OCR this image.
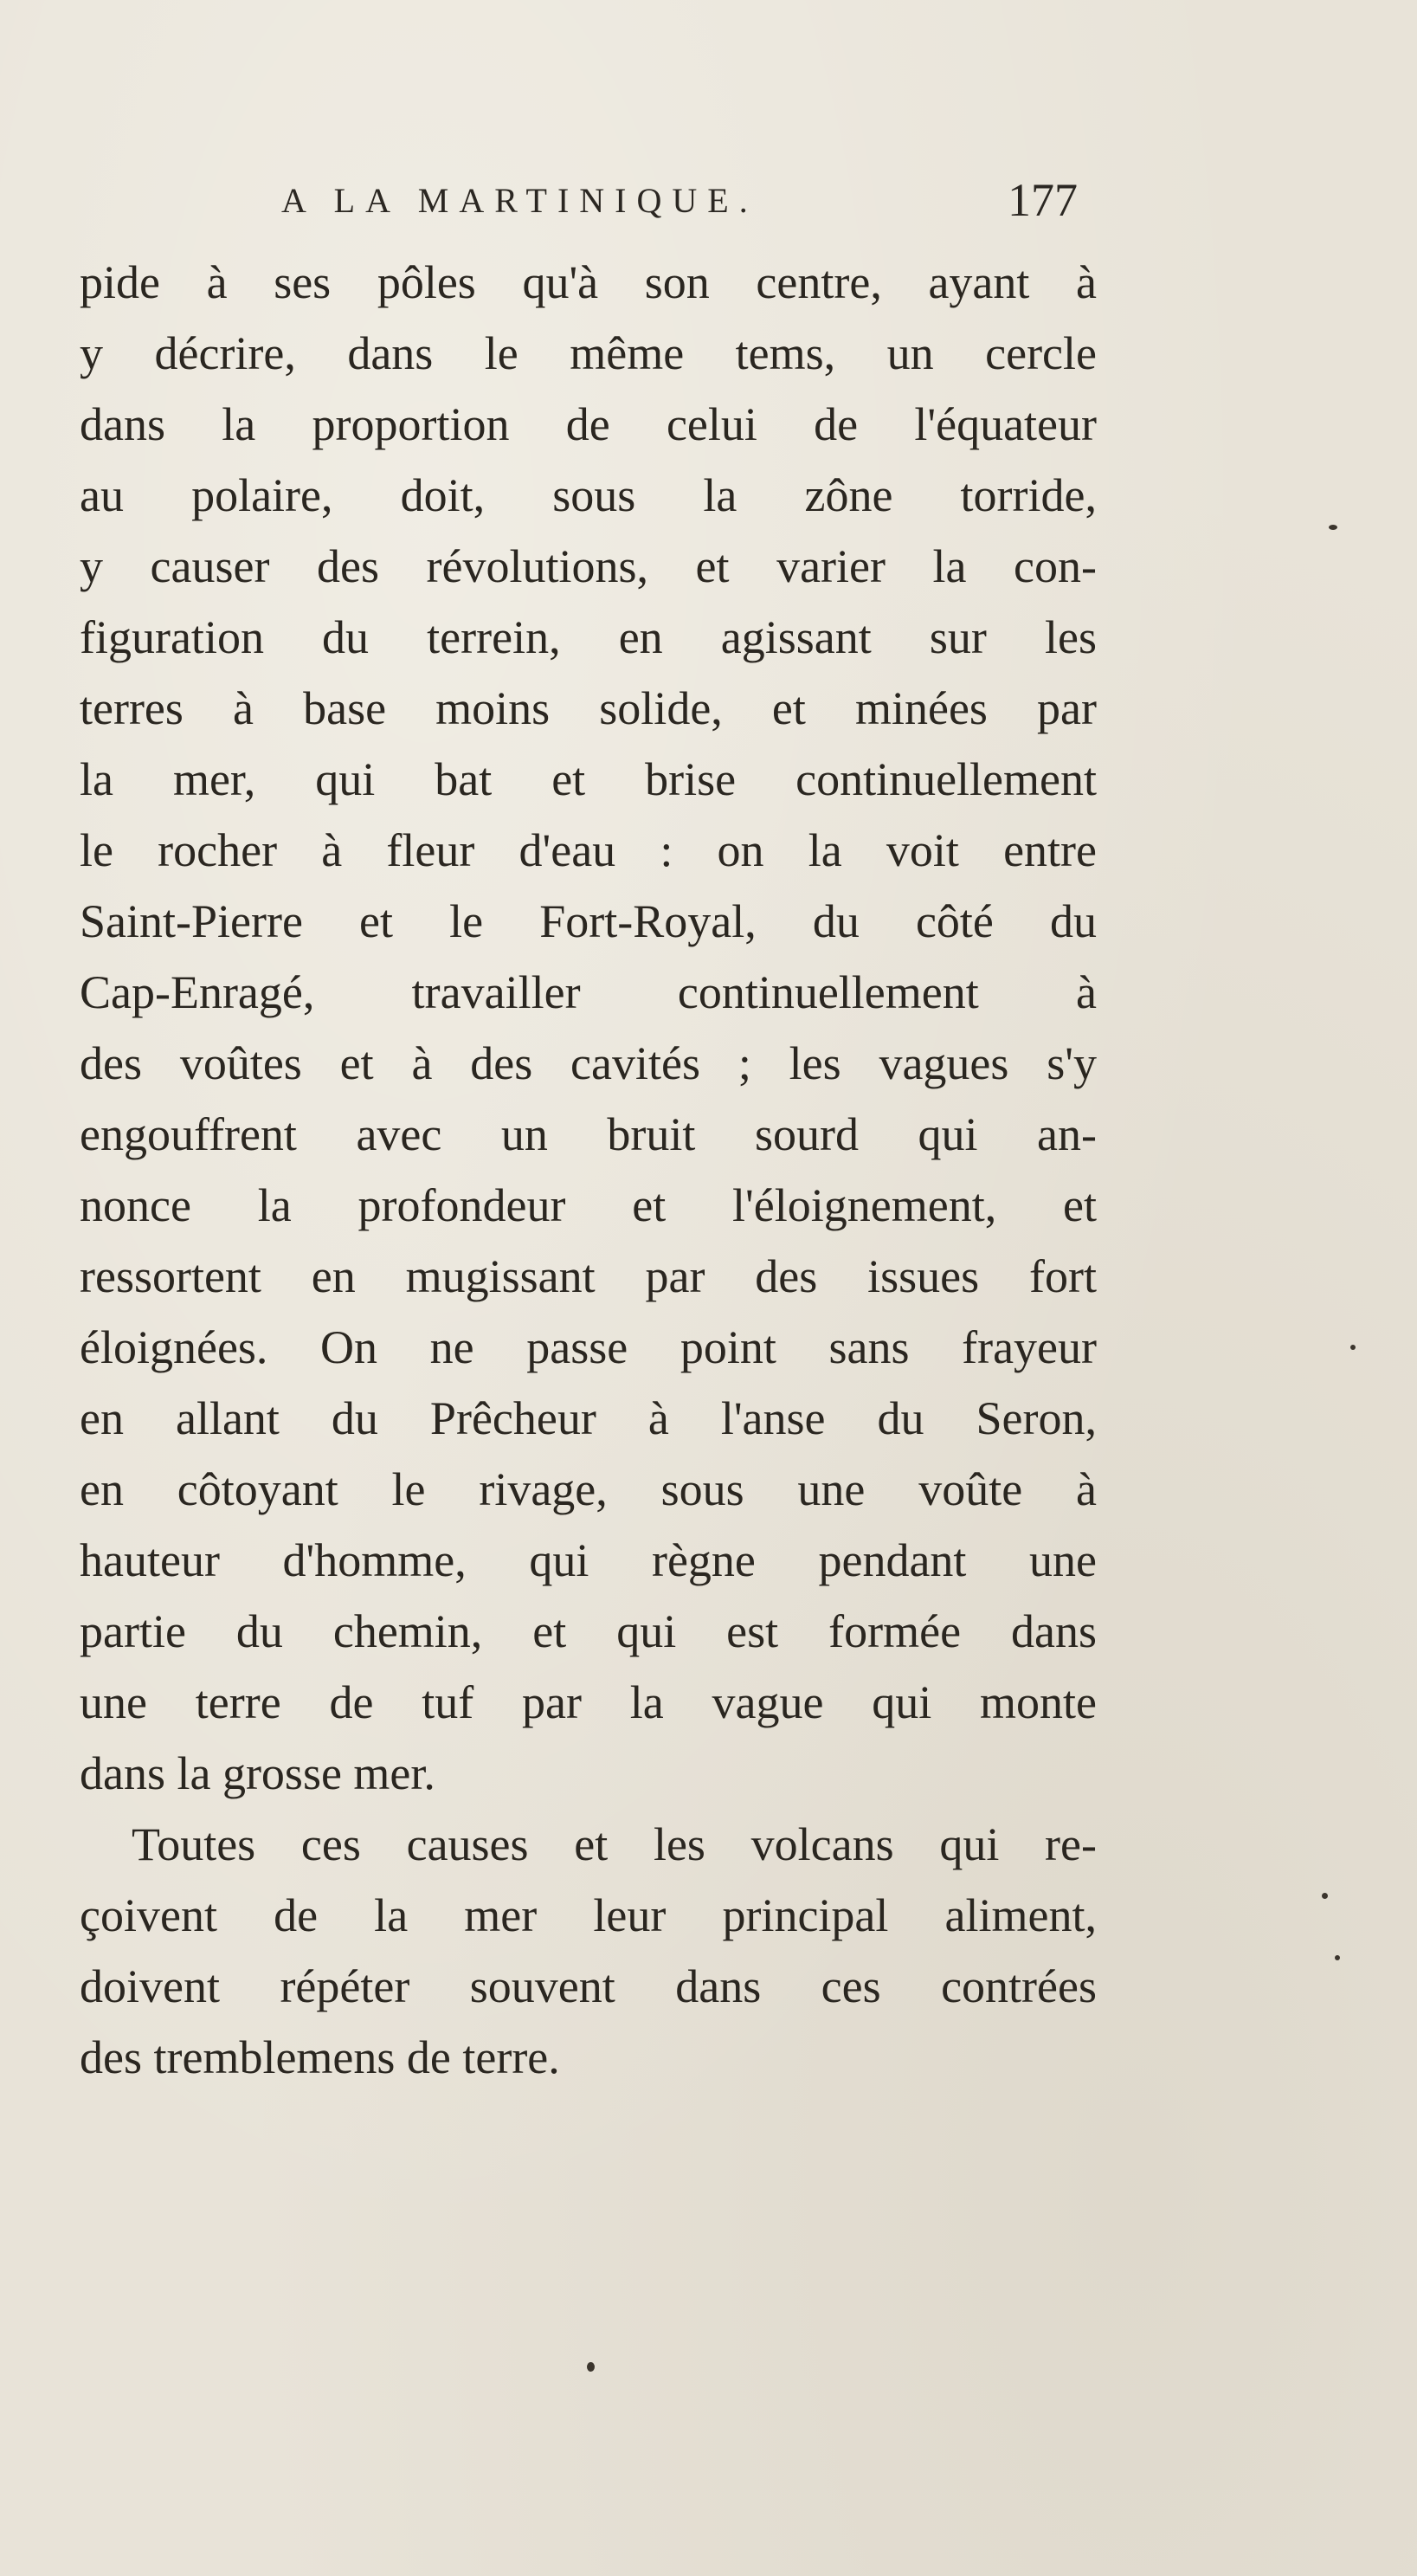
A LA MARTINIQUE.	177
pide à ses pôles qu'à son centre, ayant à
y décrire, dans le même tems, un cercle
dans la proportion de celui de l'équateur
au polaire, doit, sous la zône torride,
y causer des révolutions, et varier la con-
figuration du terrein, en agissant sur les
terres à base moins solide, et minées par
la mer, qui bat et brise continuellement
le rocher à fleur d'eau : on la voit entre
Saint-Pierre et le Fort-Royal, du côté du
Cap-Enragé, travailler continuellement à
des voûtes et à des cavités ; les vagues s'y
engouffrent avec un bruit sourd qui an-
nonce la profondeur et l'éloignement, et
ressortent en mugissant par des issues fort
éloignées. On ne passe point sans frayeur
en allant du Prêcheur à l'anse du Seron,
en côtoyant le rivage, sous une voûte à
hauteur d'homme, qui règne pendant une
partie du chemin, et qui est formée dans
une terre de tuf par la vague qui monte
dans la grosse mer.
Toutes ces causes et les volcans qui re-
çoivent de la mer leur principal aliment,
doivent répéter souvent dans ces contrées
des tremblemens de terre.
